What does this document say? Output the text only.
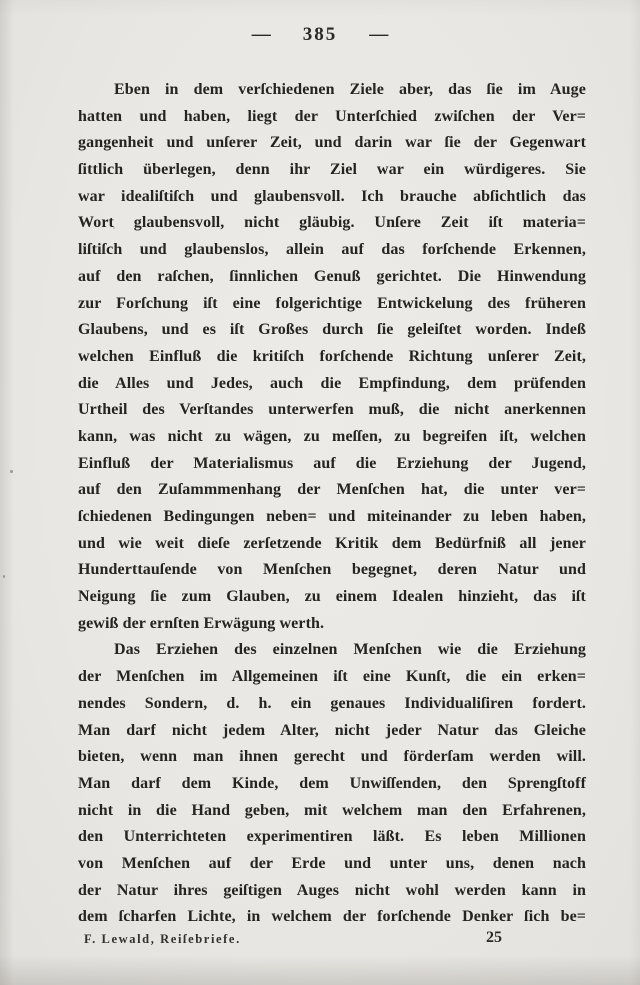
— 385 —
Eben in dem verſchiedenen Ziele aber, das ſie im Auge
hatten und haben, liegt der Unterſchied zwiſchen der Ver=
gangenheit und unſerer Zeit, und darin war ſie der Gegenwart
ſittlich überlegen, denn ihr Ziel war ein würdigeres. Sie
war idealiſtiſch und glaubensvoll. Ich brauche abſichtlich das
Wort glaubensvoll, nicht gläubig. Unſere Zeit iſt materia=
liſtiſch und glaubenslos, allein auf das forſchende Erkennen,
auf den raſchen, ſinnlichen Genuß gerichtet. Die Hinwendung
zur Forſchung iſt eine folgerichtige Entwickelung des früheren
Glaubens, und es iſt Großes durch ſie geleiſtet worden. Indeß
welchen Einfluß die kritiſch forſchende Richtung unſerer Zeit,
die Alles und Jedes, auch die Empfindung, dem prüfenden
Urtheil des Verſtandes unterwerfen muß, die nicht anerkennen
kann, was nicht zu wägen, zu meſſen, zu begreifen iſt, welchen
Einfluß der Materialismus auf die Erziehung der Jugend,
auf den Zuſammmenhang der Menſchen hat, die unter ver=
ſchiedenen Bedingungen neben= und miteinander zu leben haben,
und wie weit dieſe zerſetzende Kritik dem Bedürfniß all jener
Hunderttauſende von Menſchen begegnet, deren Natur und
Neigung ſie zum Glauben, zu einem Idealen hinzieht, das iſt
gewiß der ernſten Erwägung werth.
Das Erziehen des einzelnen Menſchen wie die Erziehung
der Menſchen im Allgemeinen iſt eine Kunſt, die ein erken=
nendes Sondern, d. h. ein genaues Individualiſiren fordert.
Man darf nicht jedem Alter, nicht jeder Natur das Gleiche
bieten, wenn man ihnen gerecht und förderſam werden will.
Man darf dem Kinde, dem Unwiſſenden, den Sprengſtoff
nicht in die Hand geben, mit welchem man den Erfahrenen,
den Unterrichteten experimentiren läßt. Es leben Millionen
von Menſchen auf der Erde und unter uns, denen nach
der Natur ihres geiſtigen Auges nicht wohl werden kann in
dem ſcharfen Lichte, in welchem der forſchende Denker ſich be=
F. Lewald, Reiſebriefe.	25
